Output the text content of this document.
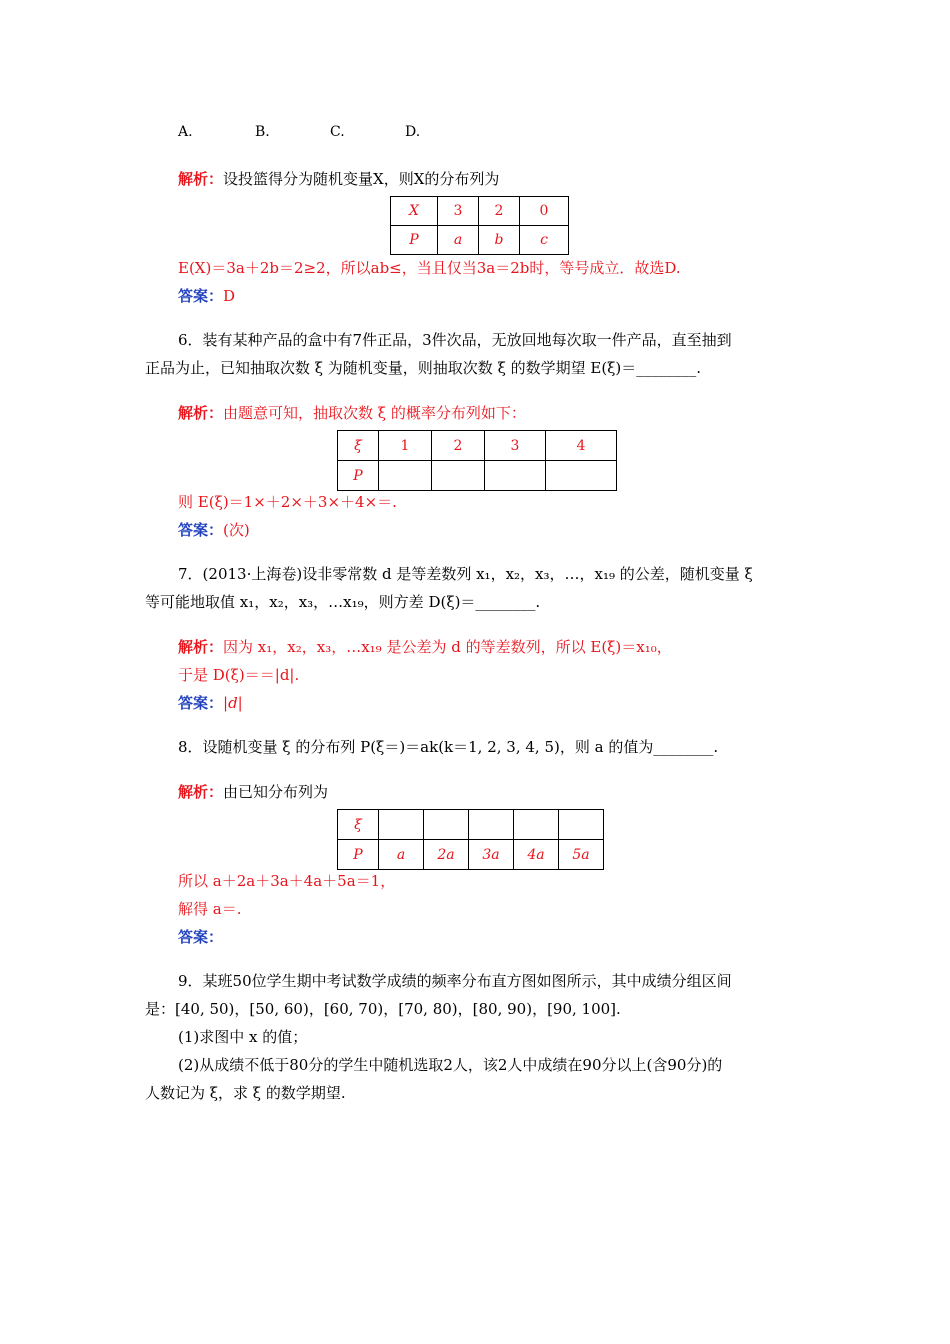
A.	B.	C.	D.
解析：设投篮得分为随机变量X，则X的分布列为
X	3	2	0
P	a	b	c
E(X)＝3a＋2b＝2≥2，所以ab≤，当且仅当3a＝2b时，等号成立．故选D.
答案：D
6．装有某种产品的盒中有7件正品，3件次品，无放回地每次取一件产品，直至抽到
正品为止，已知抽取次数 ξ 为随机变量，则抽取次数 ξ 的数学期望 E(ξ)＝________.
解析：由题意可知，抽取次数 ξ 的概率分布列如下：
ξ	1	2	3	4
P				
则 E(ξ)＝1×＋2×＋3×＋4×＝.
答案：(次)
7．(2013·上海卷)设非零常数 d 是等差数列 x₁，x₂，x₃，…，x₁₉ 的公差，随机变量 ξ
等可能地取值 x₁，x₂，x₃，…x₁₉，则方差 D(ξ)＝________.
解析：因为 x₁，x₂，x₃，…x₁₉ 是公差为 d 的等差数列，所以 E(ξ)＝x₁₀，
于是 D(ξ)＝＝|d|.
答案：|d|
8．设随机变量 ξ 的分布列 P(ξ＝)＝ak(k＝1, 2, 3, 4, 5)，则 a 的值为________.
解析：由已知分布列为
ξ					
P	a	2a	3a	4a	5a
所以 a＋2a＋3a＋4a＋5a＝1，
解得 a＝.
答案：
9．某班50位学生期中考试数学成绩的频率分布直方图如图所示，其中成绩分组区间
是：[40, 50)，[50, 60)，[60, 70)，[70, 80)，[80, 90)，[90, 100].
(1)求图中 x 的值；
(2)从成绩不低于80分的学生中随机选取2人，该2人中成绩在90分以上(含90分)的
人数记为 ξ，求 ξ 的数学期望.
